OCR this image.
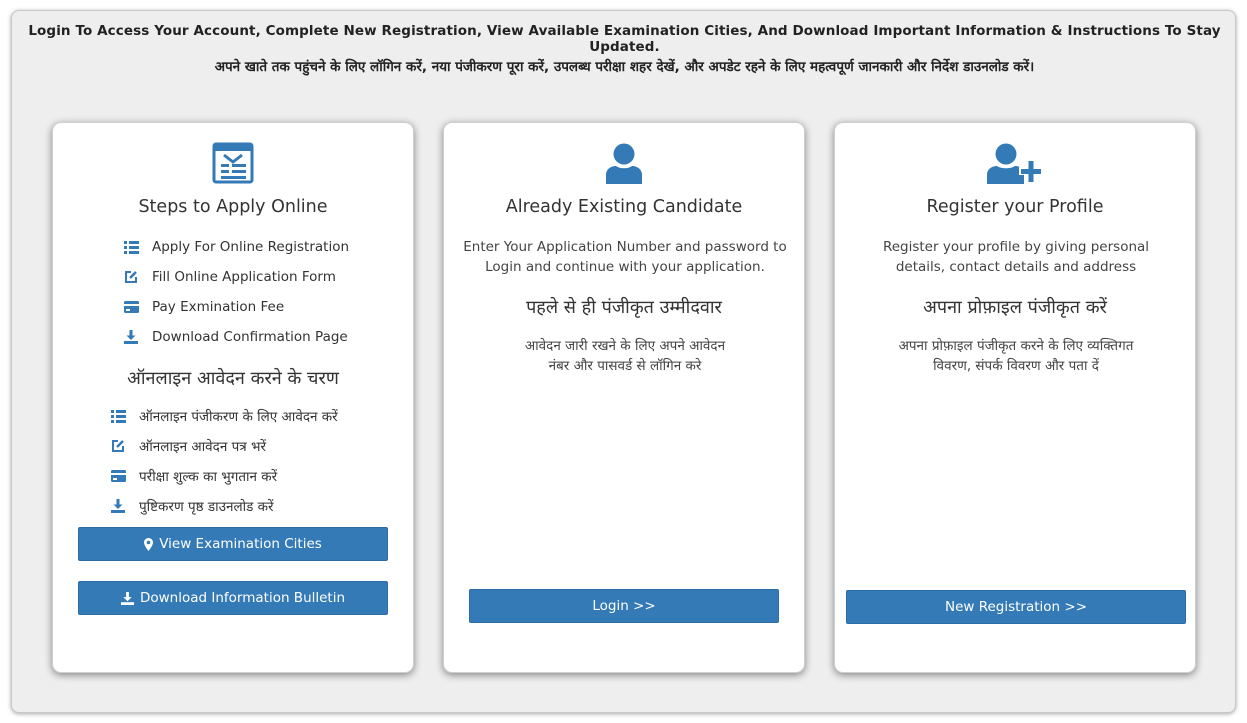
Login To Access Your Account, Complete New Registration, View Available Examination Cities, And Download Important Information & Instructions To Stay Updated.
अपने खाते तक पहुंचने के लिए लॉगिन करें, नया पंजीकरण पूरा करें, उपलब्ध परीक्षा शहर देखें, और अपडेट रहने के लिए महत्वपूर्ण जानकारी और निर्देश डाउनलोड करें।
Steps to Apply Online
Apply For Online Registration
Fill Online Application Form
Pay Exmination Fee
Download Confirmation Page
ऑनलाइन आवेदन करने के चरण
ऑनलाइन पंजीकरण के लिए आवेदन करें
ऑनलाइन आवेदन पत्र भरें
परीक्षा शुल्क का भुगतान करें
पुष्टिकरण पृष्ठ डाउनलोड करें
View Examination Cities
Download Information Bulletin
Already Existing Candidate
Enter Your Application Number and password to
Login and continue with your application.
पहले से ही पंजीकृत उम्मीदवार
आवेदन जारी रखने के लिए अपने आवेदन
नंबर और पासवर्ड से लॉगिन करे
Login >>
Register your Profile
Register your profile by giving personal
details, contact details and address
अपना प्रोफ़ाइल पंजीकृत करें
अपना प्रोफ़ाइल पंजीकृत करने के लिए व्यक्तिगत
विवरण, संपर्क विवरण और पता दें
New Registration >>
